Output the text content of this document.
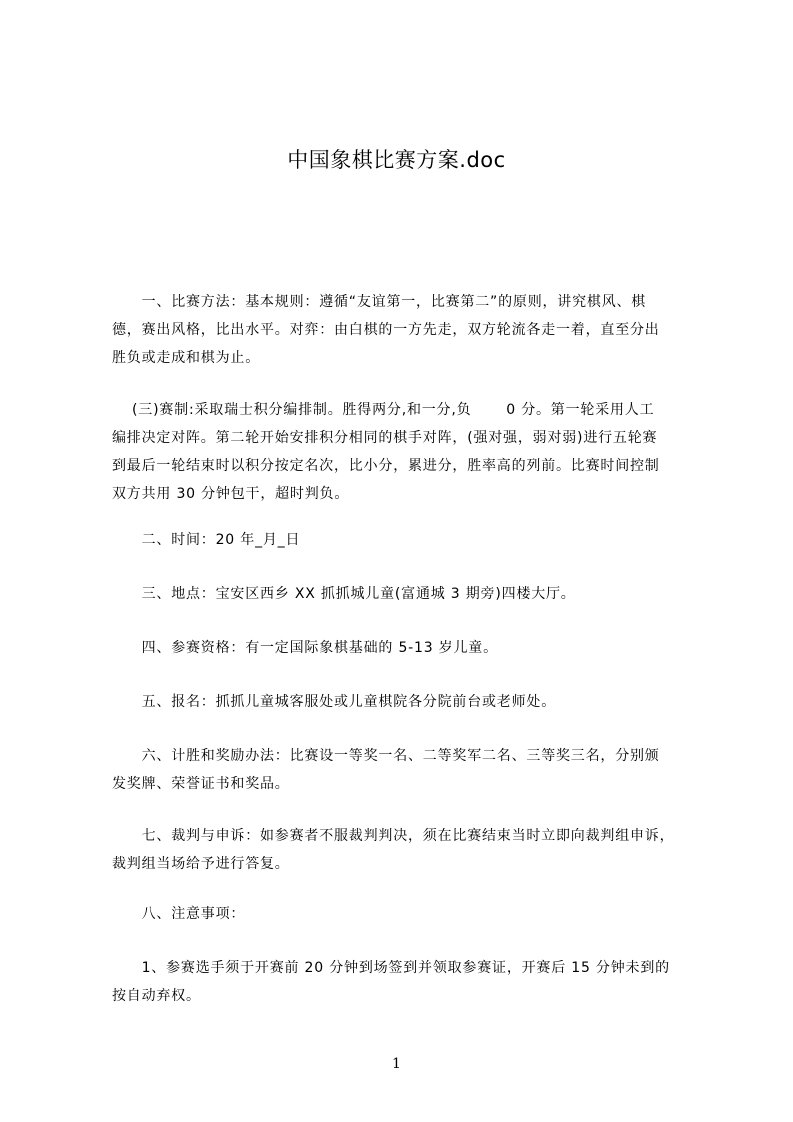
中国象棋比赛方案.doc
　　一、比赛方法：基本规则：遵循“友谊第一，比赛第二”的原则，讲究棋风、棋
德，赛出风格，比出水平。对弈：由白棋的一方先走，双方轮流各走一着，直至分出
胜负或走成和棋为止。
　 (三)赛制:采取瑞士积分编排制。胜得两分,和一分,负　　 0 分。第一轮采用人工
编排决定对阵。第二轮开始安排积分相同的棋手对阵，(强对强，弱对弱)进行五轮赛
到最后一轮结束时以积分按定名次，比小分，累进分，胜率高的列前。比赛时间控制
双方共用 30 分钟包干，超时判负。
　　二、时间：20 年_月_日
　　三、地点：宝安区西乡 XX 抓抓城儿童(富通城 3 期旁)四楼大厅。
　　四、参赛资格：有一定国际象棋基础的 5-13 岁儿童。
　　五、报名：抓抓儿童城客服处或儿童棋院各分院前台或老师处。
　　六、计胜和奖励办法：比赛设一等奖一名、二等奖军二名、三等奖三名，分别颁
发奖牌、荣誉证书和奖品。
　　七、裁判与申诉：如参赛者不服裁判判决，须在比赛结束当时立即向裁判组申诉，
裁判组当场给予进行答复。
　　八、注意事项：
　　1、参赛选手须于开赛前 20 分钟到场签到并领取参赛证，开赛后 15 分钟未到的
按自动弃权。
1
